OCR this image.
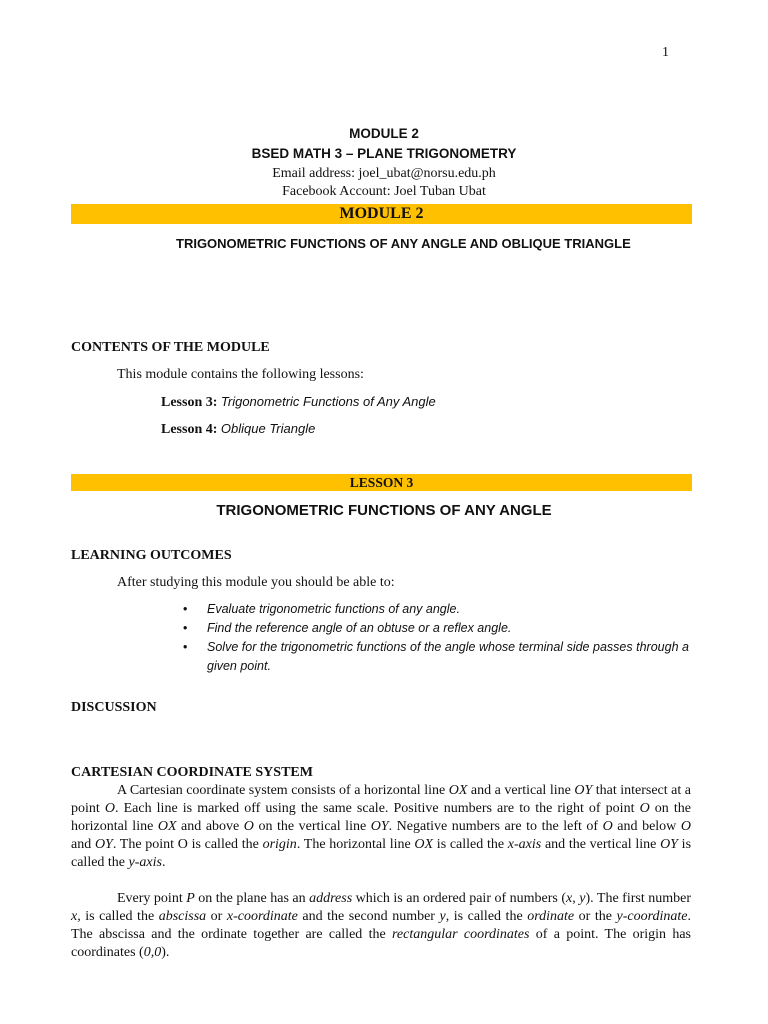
1
MODULE 2
BSED MATH 3 – PLANE TRIGONOMETRY
Email address: joel_ubat@norsu.edu.ph
Facebook Account: Joel Tuban Ubat
MODULE 2
TRIGONOMETRIC FUNCTIONS OF ANY ANGLE AND OBLIQUE TRIANGLE
CONTENTS OF THE MODULE
This module contains the following lessons:
Lesson 3: Trigonometric Functions of Any Angle
Lesson 4: Oblique Triangle
LESSON 3
TRIGONOMETRIC FUNCTIONS OF ANY ANGLE
LEARNING OUTCOMES
After studying this module you should be able to:
• Evaluate trigonometric functions of any angle.
• Find the reference angle of an obtuse or a reflex angle.
• Solve for the trigonometric functions of the angle whose terminal side passes through a given point.
DISCUSSION
CARTESIAN COORDINATE SYSTEM
A Cartesian coordinate system consists of a horizontal line OX and a vertical line OY that intersect at a point O. Each line is marked off using the same scale. Positive numbers are to the right of point O on the horizontal line OX and above O on the vertical line OY. Negative numbers are to the left of O and below O and OY. The point O is called the origin. The horizontal line OX is called the x-axis and the vertical line OY is called the y-axis.
Every point P on the plane has an address which is an ordered pair of numbers (x, y). The first number x, is called the abscissa or x-coordinate and the second number y, is called the ordinate or the y-coordinate. The abscissa and the ordinate together are called the rectangular coordinates of a point. The origin has coordinates (0,0).
